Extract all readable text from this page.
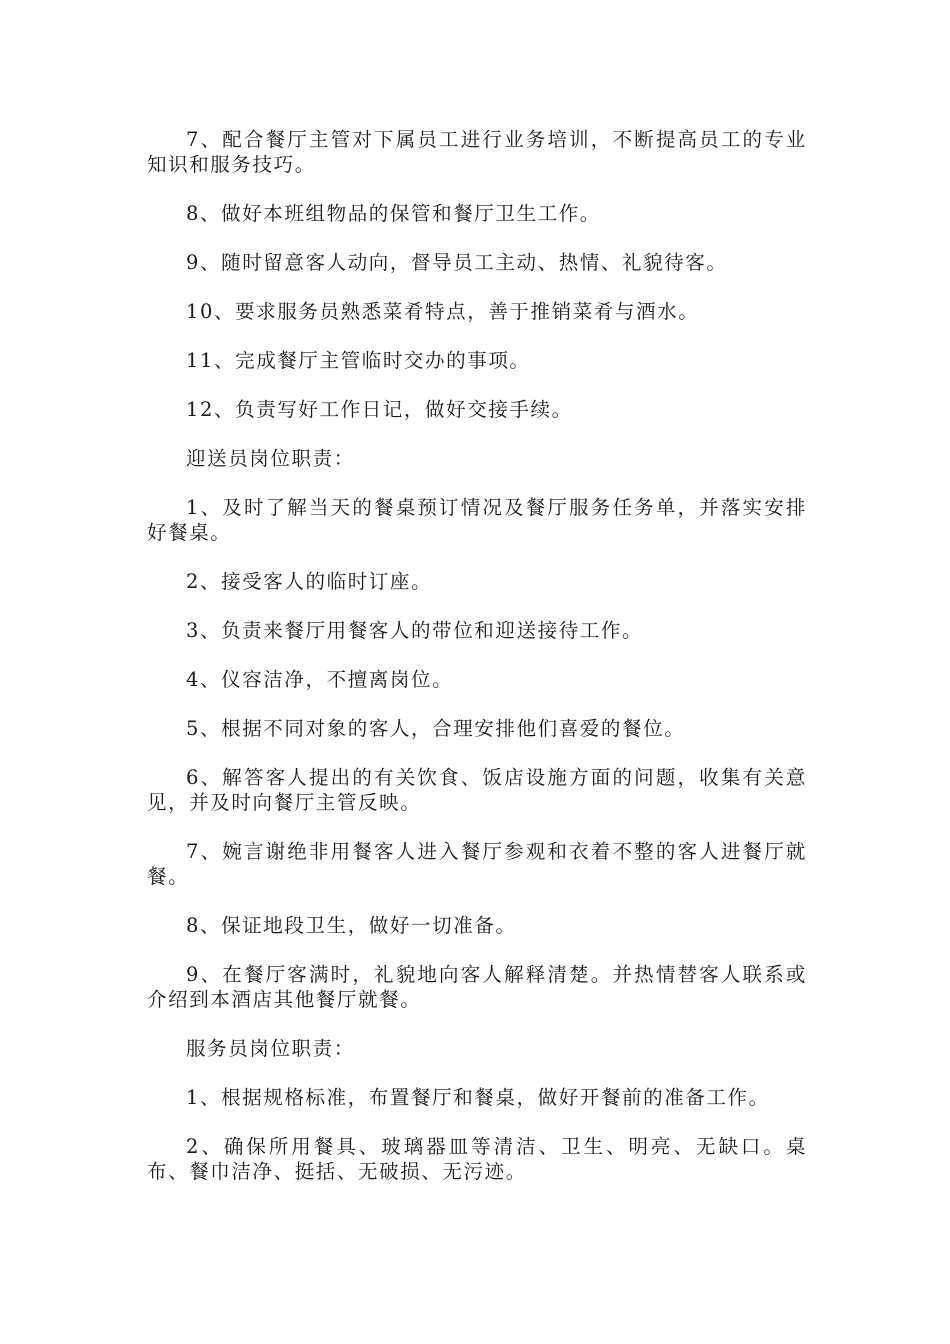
7、配合餐厅主管对下属员工进行业务培训，不断提高员工的专业知识和服务技巧。

8、做好本班组物品的保管和餐厅卫生工作。

9、随时留意客人动向，督导员工主动、热情、礼貌待客。

10、要求服务员熟悉菜肴特点，善于推销菜肴与酒水。

11、完成餐厅主管临时交办的事项。

12、负责写好工作日记，做好交接手续。

迎送员岗位职责：

1、及时了解当天的餐桌预订情况及餐厅服务任务单，并落实安排好餐桌。

2、接受客人的临时订座。

3、负责来餐厅用餐客人的带位和迎送接待工作。

4、仪容洁净，不擅离岗位。

5、根据不同对象的客人，合理安排他们喜爱的餐位。

6、解答客人提出的有关饮食、饭店设施方面的问题，收集有关意见，并及时向餐厅主管反映。

7、婉言谢绝非用餐客人进入餐厅参观和衣着不整的客人进餐厅就餐。

8、保证地段卫生，做好一切准备。

9、在餐厅客满时，礼貌地向客人解释清楚。并热情替客人联系或介绍到本酒店其他餐厅就餐。

服务员岗位职责：

1、根据规格标准，布置餐厅和餐桌，做好开餐前的准备工作。

2、确保所用餐具、玻璃器皿等清洁、卫生、明亮、无缺口。桌布、餐巾洁净、挺括、无破损、无污迹。
